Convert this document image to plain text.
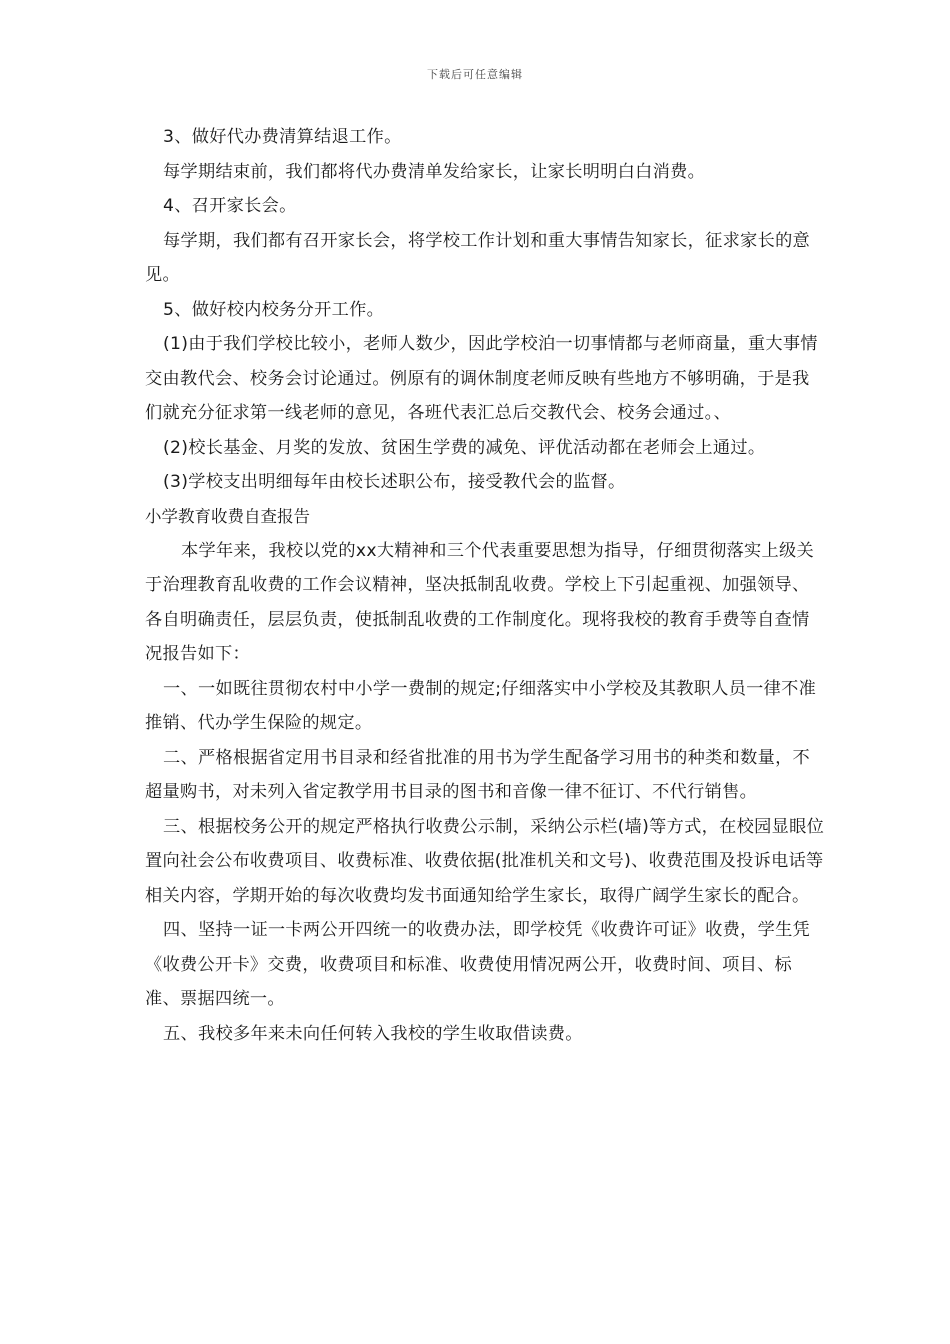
下载后可任意编辑

3、做好代办费清算结退工作。

每学期结束前，我们都将代办费清单发给家长，让家长明明白白消费。

4、召开家长会。

每学期，我们都有召开家长会，将学校工作计划和重大事情告知家长，征求家长的意见。

5、做好校内校务分开工作。

(1)由于我们学校比较小，老师人数少，因此学校泊一切事情都与老师商量，重大事情交由教代会、校务会讨论通过。例原有的调休制度老师反映有些地方不够明确，于是我们就充分征求第一线老师的意见，各班代表汇总后交教代会、校务会通过。、

(2)校长基金、月奖的发放、贫困生学费的减免、评优活动都在老师会上通过。

(3)学校支出明细每年由校长述职公布，接受教代会的监督。

小学教育收费自查报告

本学年来，我校以党的xx大精神和三个代表重要思想为指导，仔细贯彻落实上级关于治理教育乱收费的工作会议精神，坚决抵制乱收费。学校上下引起重视、加强领导、各自明确责任，层层负责，使抵制乱收费的工作制度化。现将我校的教育手费等自查情况报告如下：

一、一如既往贯彻农村中小学一费制的规定;仔细落实中小学校及其教职人员一律不准推销、代办学生保险的规定。

二、严格根据省定用书目录和经省批准的用书为学生配备学习用书的种类和数量，不超量购书，对未列入省定教学用书目录的图书和音像一律不征订、不代行销售。

三、根据校务公开的规定严格执行收费公示制，采纳公示栏(墙)等方式，在校园显眼位置向社会公布收费项目、收费标准、收费依据(批准机关和文号)、收费范围及投诉电话等相关内容，学期开始的每次收费均发书面通知给学生家长，取得广阔学生家长的配合。

四、坚持一证一卡两公开四统一的收费办法，即学校凭《收费许可证》收费，学生凭《收费公开卡》交费，收费项目和标准、收费使用情况两公开，收费时间、项目、标准、票据四统一。

五、我校多年来未向任何转入我校的学生收取借读费。
